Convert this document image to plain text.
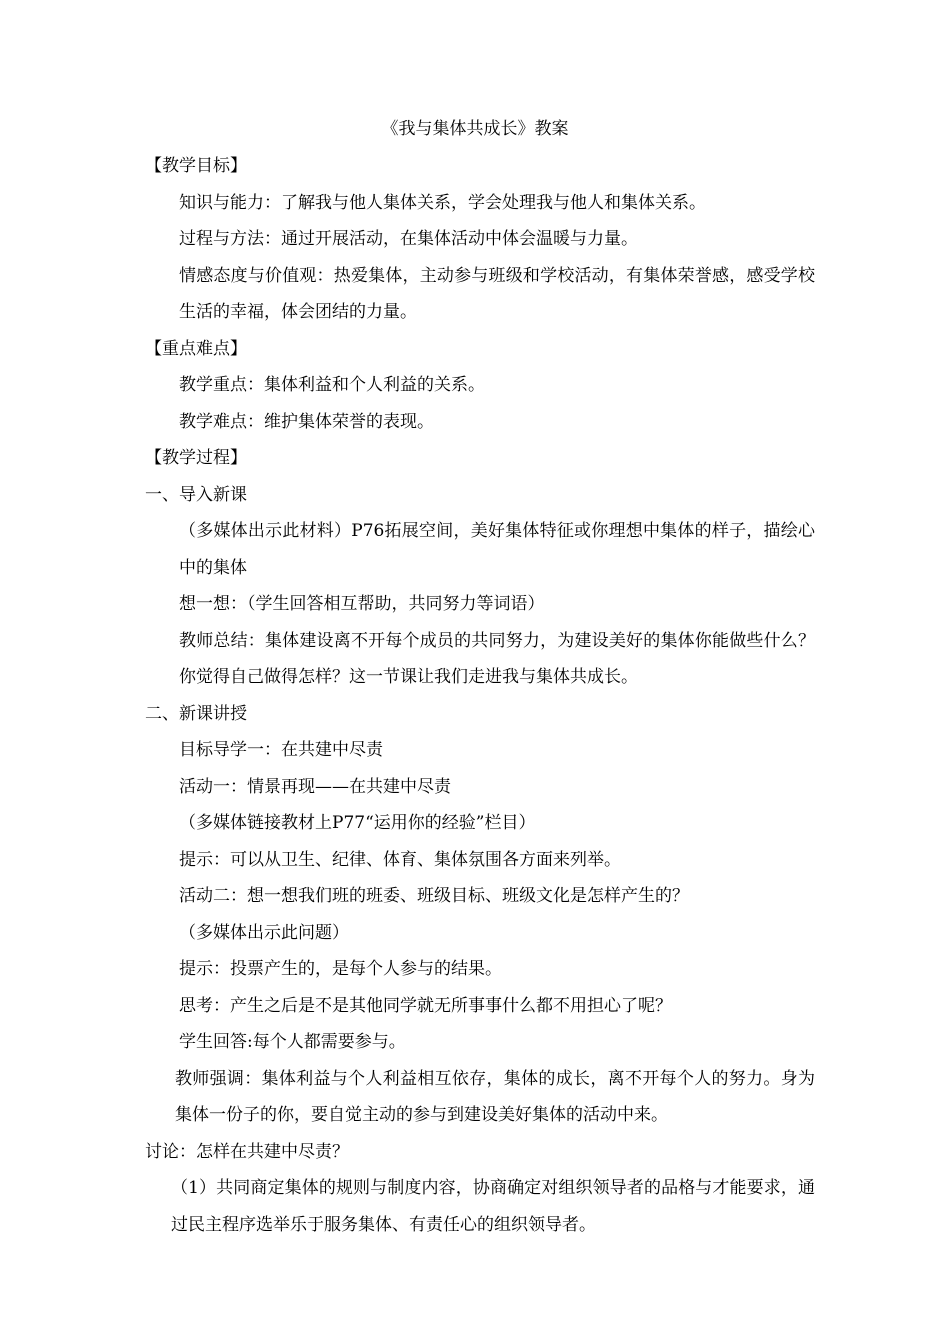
《我与集体共成长》教案
【教学目标】
知识与能力：了解我与他人集体关系，学会处理我与他人和集体关系。
过程与方法：通过开展活动，在集体活动中体会温暖与力量。
情感态度与价值观：热爱集体，主动参与班级和学校活动，有集体荣誉感，感受学校生活的幸福，体会团结的力量。
【重点难点】
教学重点：集体利益和个人利益的关系。
教学难点：维护集体荣誉的表现。
【教学过程】
一、导入新课
（多媒体出示此材料）P76拓展空间，美好集体特征或你理想中集体的样子，描绘心中的集体
想一想：（学生回答相互帮助，共同努力等词语）
教师总结：集体建设离不开每个成员的共同努力，为建设美好的集体你能做些什么？你觉得自己做得怎样？这一节课让我们走进我与集体共成长。
二、新课讲授
目标导学一：在共建中尽责
活动一：情景再现——在共建中尽责
（多媒体链接教材上P77“运用你的经验”栏目）
提示：可以从卫生、纪律、体育、集体氛围各方面来列举。
活动二：想一想我们班的班委、班级目标、班级文化是怎样产生的？
（多媒体出示此问题）
提示：投票产生的，是每个人参与的结果。
思考：产生之后是不是其他同学就无所事事什么都不用担心了呢？
学生回答:每个人都需要参与。
教师强调：集体利益与个人利益相互依存，集体的成长，离不开每个人的努力。身为集体一份子的你，要自觉主动的参与到建设美好集体的活动中来。
讨论：怎样在共建中尽责？
（1）共同商定集体的规则与制度内容，协商确定对组织领导者的品格与才能要求，通过民主程序选举乐于服务集体、有责任心的组织领导者。
